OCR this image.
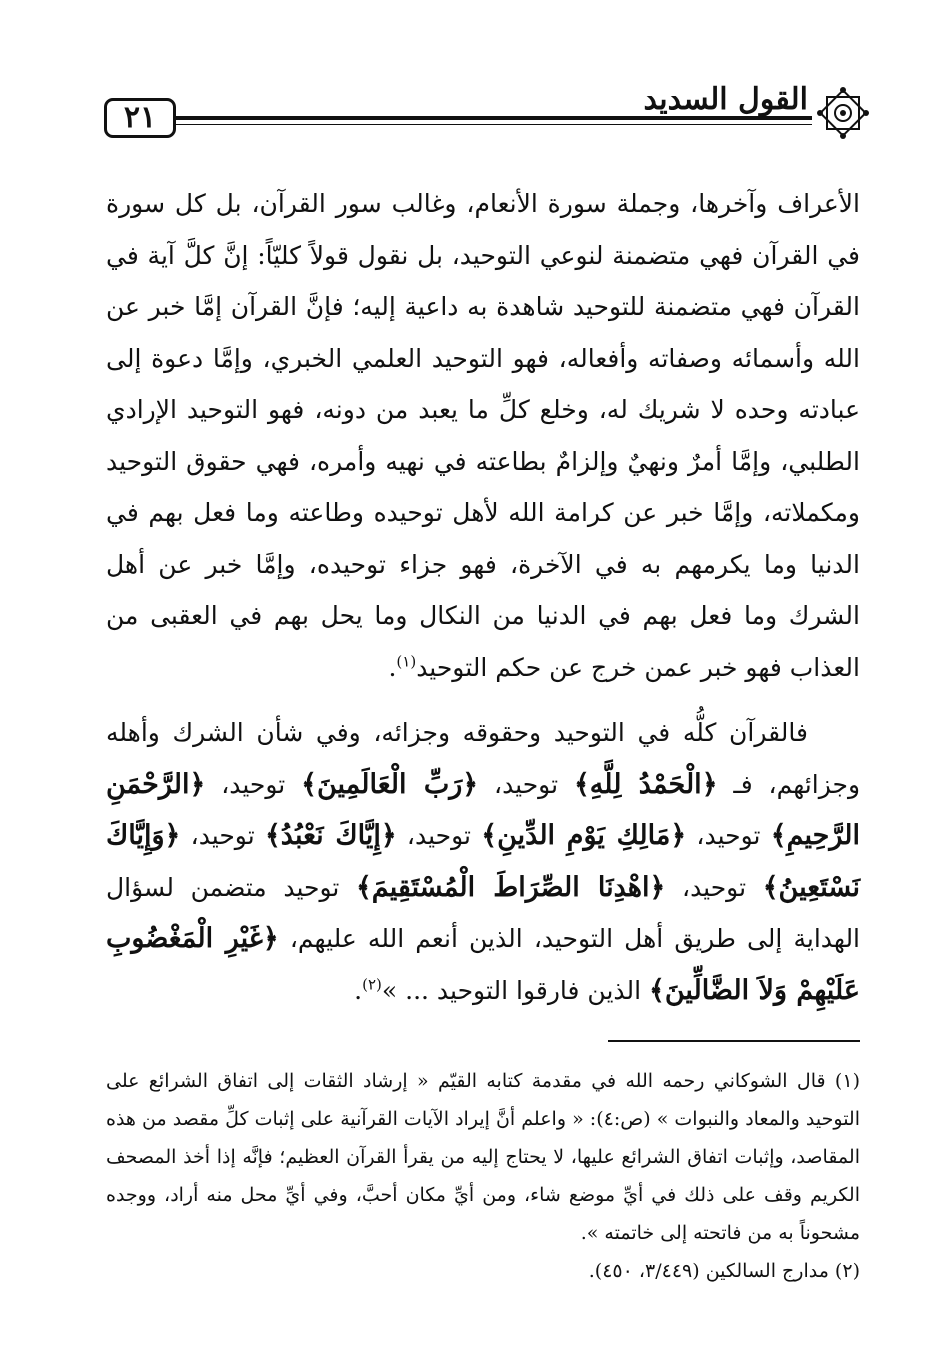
٢١
القول السديد

الأعراف وآخرها، وجملة سورة الأنعام، وغالب سور القرآن، بل كل سورة في القرآن فهي متضمنة لنوعي التوحيد، بل نقول قولاً كليّاً: إنَّ كلَّ آية في القرآن فهي متضمنة للتوحيد شاهدة به داعية إليه؛ فإنَّ القرآن إمَّا خبر عن الله وأسمائه وصفاته وأفعاله، فهو التوحيد العلمي الخبري، وإمَّا دعوة إلى عبادته وحده لا شريك له، وخلع كلِّ ما يعبد من دونه، فهو التوحيد الإرادي الطلبي، وإمَّا أمرٌ ونهيٌ وإلزامٌ بطاعته في نهيه وأمره، فهي حقوق التوحيد ومكملاته، وإمَّا خبر عن كرامة الله لأهل توحيده وطاعته وما فعل بهم في الدنيا وما يكرمهم به في الآخرة، فهو جزاء توحيده، وإمَّا خبر عن أهل الشرك وما فعل بهم في الدنيا من النكال وما يحل بهم في العقبى من العذاب فهو خبر عمن خرج عن حكم التوحيد$^{(١)}$.

فالقرآن كلُّه في التوحيد وحقوقه وجزائه، وفي شأن الشرك وأهله وجزائهم، فـ ﴿الْحَمْدُ لِلَّهِ﴾ توحيد، ﴿رَبِّ الْعَالَمِينَ﴾ توحيد، ﴿الرَّحْمَنِ الرَّحِيمِ﴾ توحيد، ﴿مَالِكِ يَوْمِ الدِّينِ﴾ توحيد، ﴿إِيَّاكَ نَعْبُدُ﴾ توحيد، ﴿وَإِيَّاكَ نَسْتَعِينُ﴾ توحيد، ﴿اهْدِنَا الصِّرَاطَ الْمُسْتَقِيمَ﴾ توحيد متضمن لسؤال الهداية إلى طريق أهل التوحيد، الذين أنعم الله عليهم، ﴿غَيْرِ الْمَغْضُوبِ عَلَيْهِمْ وَلاَ الضَّالِّينَ﴾ الذين فارقوا التوحيد ... »$^{(٢)}$.

(١) قال الشوكاني رحمه الله في مقدمة كتابه القيّم « إرشاد الثقات إلى اتفاق الشرائع على التوحيد والمعاد والنبوات » (ص:٤): « واعلم أنَّ إيراد الآيات القرآنية على إثبات كلِّ مقصد من هذه المقاصد، وإثبات اتفاق الشرائع عليها، لا يحتاج إليه من يقرأ القرآن العظيم؛ فإنَّه إذا أخذ المصحف الكريم وقف على ذلك في أيِّ موضع شاء، ومن أيِّ مكان أحبَّ، وفي أيِّ محل منه أراد، ووجده مشحوناً به من فاتحته إلى خاتمته ».

(٢) مدارج السالكين (٣/٤٤٩، ٤٥٠).
